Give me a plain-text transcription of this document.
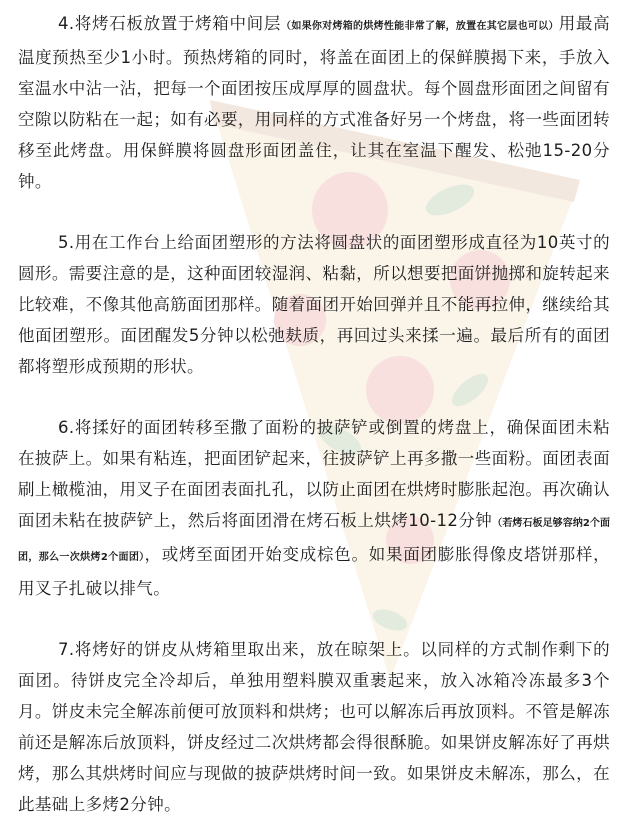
4.将烤石板放置于烤箱中间层（如果你对烤箱的烘烤性能非常了解，放置在其它层也可以）用最高温度预热至少1小时。预热烤箱的同时，将盖在面团上的保鲜膜揭下来，手放入室温水中沾一沾，把每一个面团按压成厚厚的圆盘状。每个圆盘形面团之间留有空隙以防粘在一起；如有必要，用同样的方式准备好另一个烤盘，将一些面团转移至此烤盘。用保鲜膜将圆盘形面团盖住，让其在室温下醒发、松弛15-20分钟。

5.用在工作台上给面团塑形的方法将圆盘状的面团塑形成直径为10英寸的圆形。需要注意的是，这种面团较湿润、粘黏，所以想要把面饼抛掷和旋转起来比较难，不像其他高筋面团那样。随着面团开始回弹并且不能再拉伸，继续给其他面团塑形。面团醒发5分钟以松弛麸质，再回过头来揉一遍。最后所有的面团都将塑形成预期的形状。

6.将揉好的面团转移至撒了面粉的披萨铲或倒置的烤盘上，确保面团未粘在披萨上。如果有粘连，把面团铲起来，往披萨铲上再多撒一些面粉。面团表面刷上橄榄油，用叉子在面团表面扎孔，以防止面团在烘烤时膨胀起泡。再次确认面团未粘在披萨铲上，然后将面团滑在烤石板上烘烤10-12分钟（若烤石板足够容纳2个面团，那么一次烘烤2个面团），或烤至面团开始变成棕色。如果面团膨胀得像皮塔饼那样，用叉子扎破以排气。

7.将烤好的饼皮从烤箱里取出来，放在晾架上。以同样的方式制作剩下的面团。待饼皮完全冷却后，单独用塑料膜双重裹起来，放入冰箱冷冻最多3个月。饼皮未完全解冻前便可放顶料和烘烤；也可以解冻后再放顶料。不管是解冻前还是解冻后放顶料，饼皮经过二次烘烤都会得很酥脆。如果饼皮解冻好了再烘烤，那么其烘烤时间应与现做的披萨烘烤时间一致。如果饼皮未解冻，那么，在此基础上多烤2分钟。
